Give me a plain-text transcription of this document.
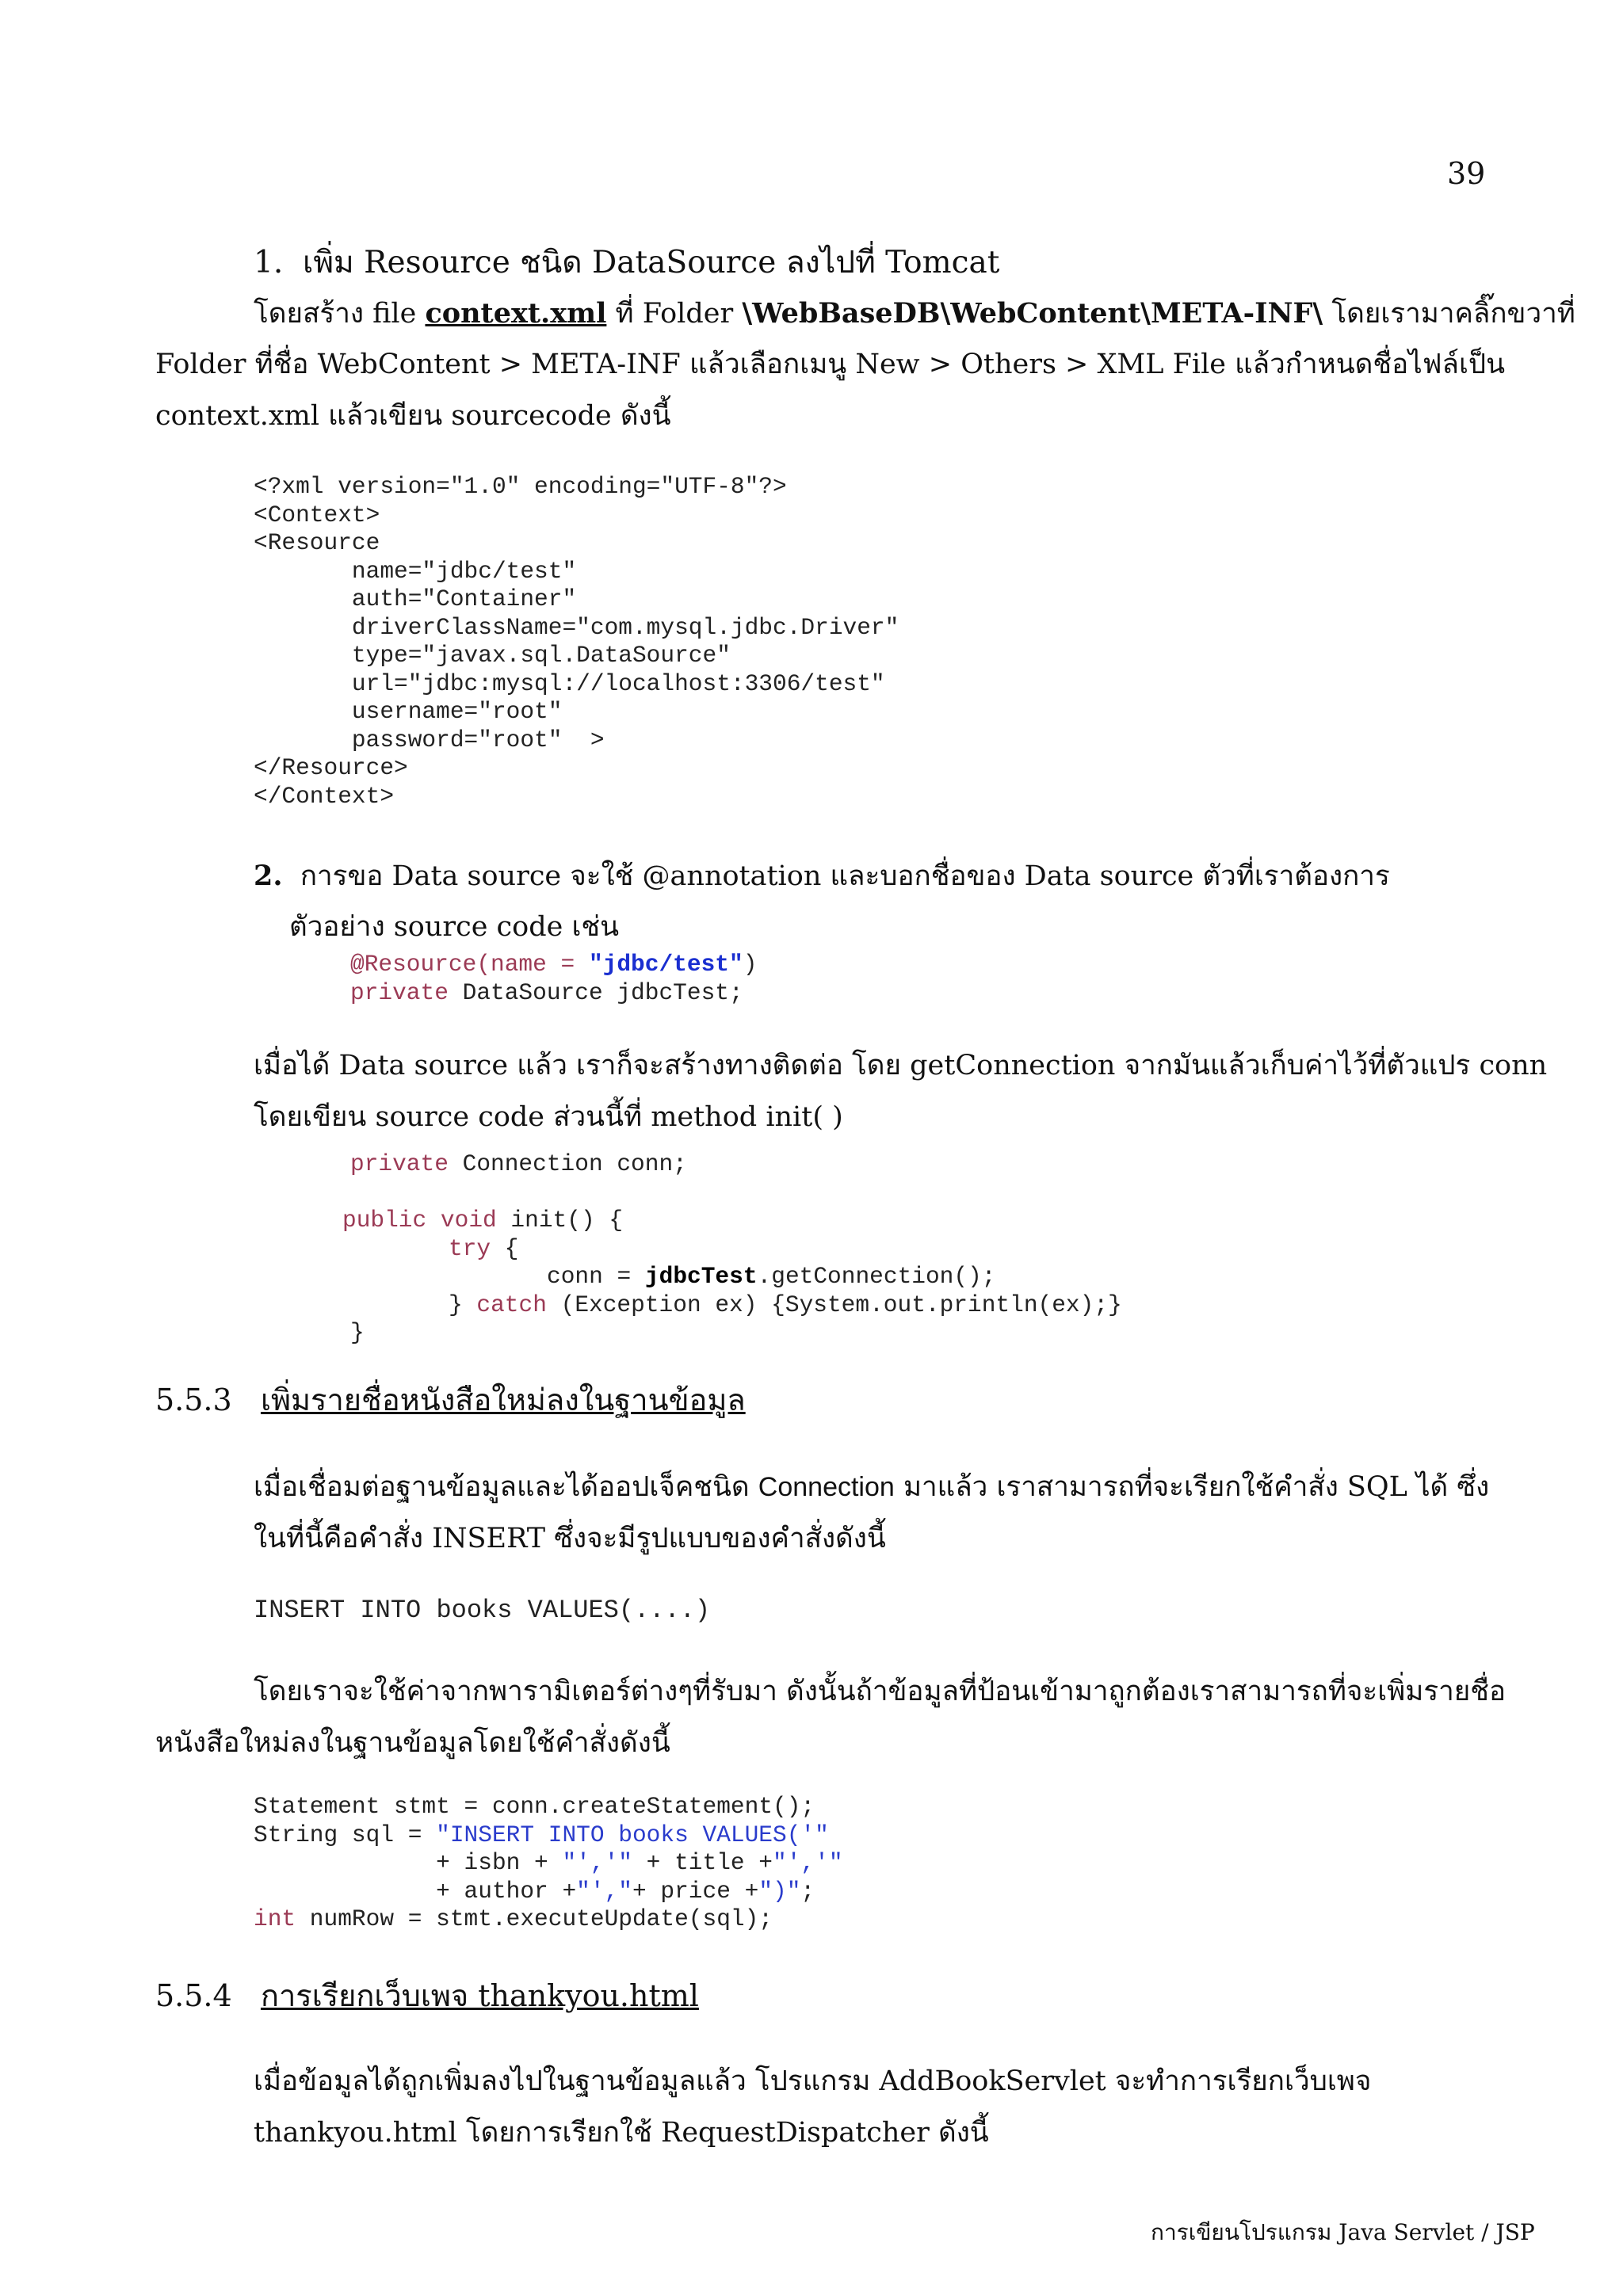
39
1. เพิ่ม Resource ชนิด DataSource ลงไปที่ Tomcat
โดยสร้าง file context.xml ที่ Folder \WebBaseDB\WebContent\META-INF\ โดยเรามาคลิ๊กขวาที่
Folder ที่ชื่อ WebContent > META-INF แล้วเลือกเมนู New > Others > XML File แล้วกำหนดชื่อไฟล์เป็น
context.xml แล้วเขียน sourcecode ดังนี้
<?xml version="1.0" encoding="UTF-8"?>
<Context>
<Resource
name="jdbc/test"
auth="Container"
driverClassName="com.mysql.jdbc.Driver"
type="javax.sql.DataSource"
url="jdbc:mysql://localhost:3306/test"
username="root"
password="root"  >
</Resource>
</Context>
2. การขอ Data source จะใช้ @annotation และบอกชื่อของ Data source ตัวที่เราต้องการ
ตัวอย่าง source code เช่น
@Resource(name = "jdbc/test")
private DataSource jdbcTest;
เมื่อได้ Data source แล้ว เราก็จะสร้างทางติดต่อ โดย getConnection จากมันแล้วเก็บค่าไว้ที่ตัวแปร conn
โดยเขียน source code ส่วนนี้ที่ method init( )
private Connection conn;
public void init() {
try {
conn = jdbcTest.getConnection();
} catch (Exception ex) {System.out.println(ex);}
}
5.5.3 เพิ่มรายชื่อหนังสือใหม่ลงในฐานข้อมูล
เมื่อเชื่อมต่อฐานข้อมูลและได้ออปเจ็คชนิด Connection มาแล้ว เราสามารถที่จะเรียกใช้คำสั่ง SQL ได้ ซึ่ง
ในที่นี้คือคำสั่ง INSERT ซึ่งจะมีรูปแบบของคำสั่งดังนี้
INSERT INTO books VALUES(....)
โดยเราจะใช้ค่าจากพารามิเตอร์ต่างๆที่รับมา ดังนั้นถ้าข้อมูลที่ป้อนเข้ามาถูกต้องเราสามารถที่จะเพิ่มรายชื่อ
หนังสือใหม่ลงในฐานข้อมูลโดยใช้คำสั่งดังนี้
Statement stmt = conn.createStatement();
String sql = "INSERT INTO books VALUES('"
+ isbn + "','" + title +"','"
+ author +"',"+ price +")";
int numRow = stmt.executeUpdate(sql);
5.5.4 การเรียกเว็บเพจ thankyou.html
เมื่อข้อมูลได้ถูกเพิ่มลงไปในฐานข้อมูลแล้ว โปรแกรม AddBookServlet จะทำการเรียกเว็บเพจ
thankyou.html โดยการเรียกใช้ RequestDispatcher ดังนี้
การเขียนโปรแกรม Java Servlet / JSP
